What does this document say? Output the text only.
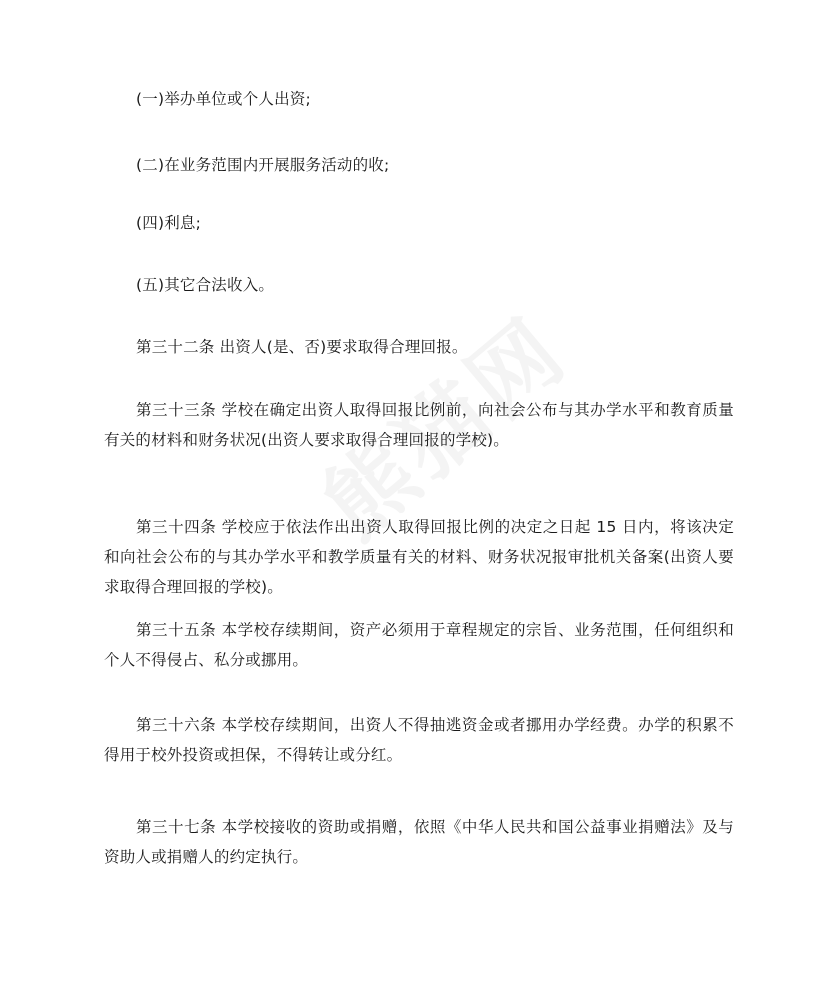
(一)举办单位或个人出资;

(二)在业务范围内开展服务活动的收;

(四)利息;

(五)其它合法收入。

第三十二条 出资人(是、否)要求取得合理回报。

第三十三条 学校在确定出资人取得回报比例前，向社会公布与其办学水平和教育质量有关的材料和财务状况(出资人要求取得合理回报的学校)。

第三十四条 学校应于依法作出出资人取得回报比例的决定之日起 15 日内，将该决定和向社会公布的与其办学水平和教学质量有关的材料、财务状况报审批机关备案(出资人要求取得合理回报的学校)。

第三十五条 本学校存续期间，资产必须用于章程规定的宗旨、业务范围，任何组织和个人不得侵占、私分或挪用。

第三十六条 本学校存续期间，出资人不得抽逃资金或者挪用办学经费。办学的积累不得用于校外投资或担保，不得转让或分红。

第三十七条 本学校接收的资助或捐赠，依照《中华人民共和国公益事业捐赠法》及与资助人或捐赠人的约定执行。
